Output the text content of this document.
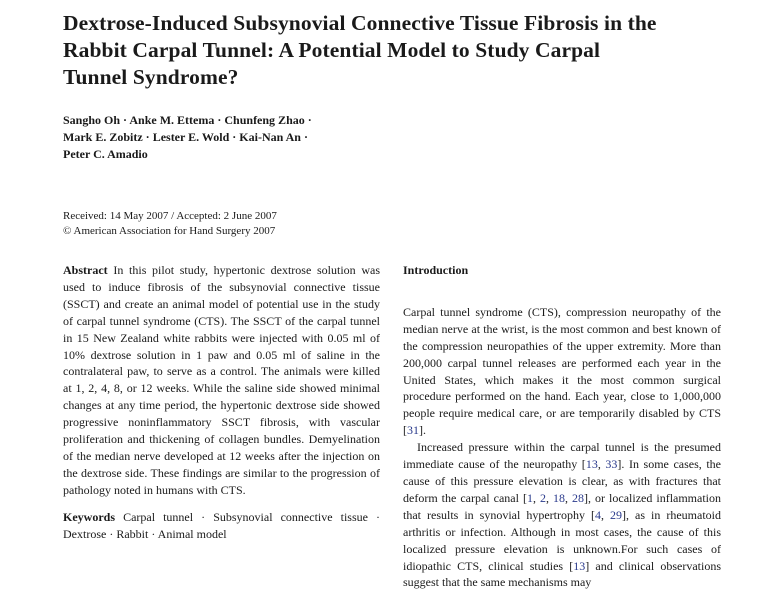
Dextrose-Induced Subsynovial Connective Tissue Fibrosis in the Rabbit Carpal Tunnel: A Potential Model to Study Carpal Tunnel Syndrome?
Sangho Oh · Anke M. Ettema · Chunfeng Zhao ·
Mark E. Zobitz · Lester E. Wold · Kai-Nan An ·
Peter C. Amadio
Received: 14 May 2007 / Accepted: 2 June 2007
© American Association for Hand Surgery 2007

Abstract In this pilot study, hypertonic dextrose solution was used to induce fibrosis of the subsynovial connective tissue (SSCT) and create an animal model of potential use in the study of carpal tunnel syndrome (CTS). The SSCT of the carpal tunnel in 15 New Zealand white rabbits were injected with 0.05 ml of 10% dextrose solution in 1 paw and 0.05 ml of saline in the contralateral paw, to serve as a control. The animals were killed at 1, 2, 4, 8, or 12 weeks. While the saline side showed minimal changes at any time period, the hypertonic dextrose side showed progressive noninflammatory SSCT fibrosis, with vascular proliferation and thickening of collagen bundles. Demyelination of the median nerve developed at 12 weeks after the injection on the dextrose side. These findings are similar to the progression of pathology noted in humans with CTS.

Keywords Carpal tunnel · Subsynovial connective tissue · Dextrose · Rabbit · Animal model

Introduction

Carpal tunnel syndrome (CTS), compression neuropathy of the median nerve at the wrist, is the most common and best known of the compression neuropathies of the upper extremity. More than 200,000 carpal tunnel releases are performed each year in the United States, which makes it the most common surgical procedure performed on the hand. Each year, close to 1,000,000 people require medical care, or are temporarily disabled by CTS [31].

Increased pressure within the carpal tunnel is the presumed immediate cause of the neuropathy [13, 33]. In some cases, the cause of this pressure elevation is clear, as with fractures that deform the carpal canal [1, 2, 18, 28], or localized inflammation that results in synovial hypertrophy [4, 29], as in rheumatoid arthritis or infection. Although in most cases, the cause of this localized pressure elevation is unknown.For such cases of idiopathic CTS, clinical studies [13] and clinical observations suggest that the same mechanisms may
